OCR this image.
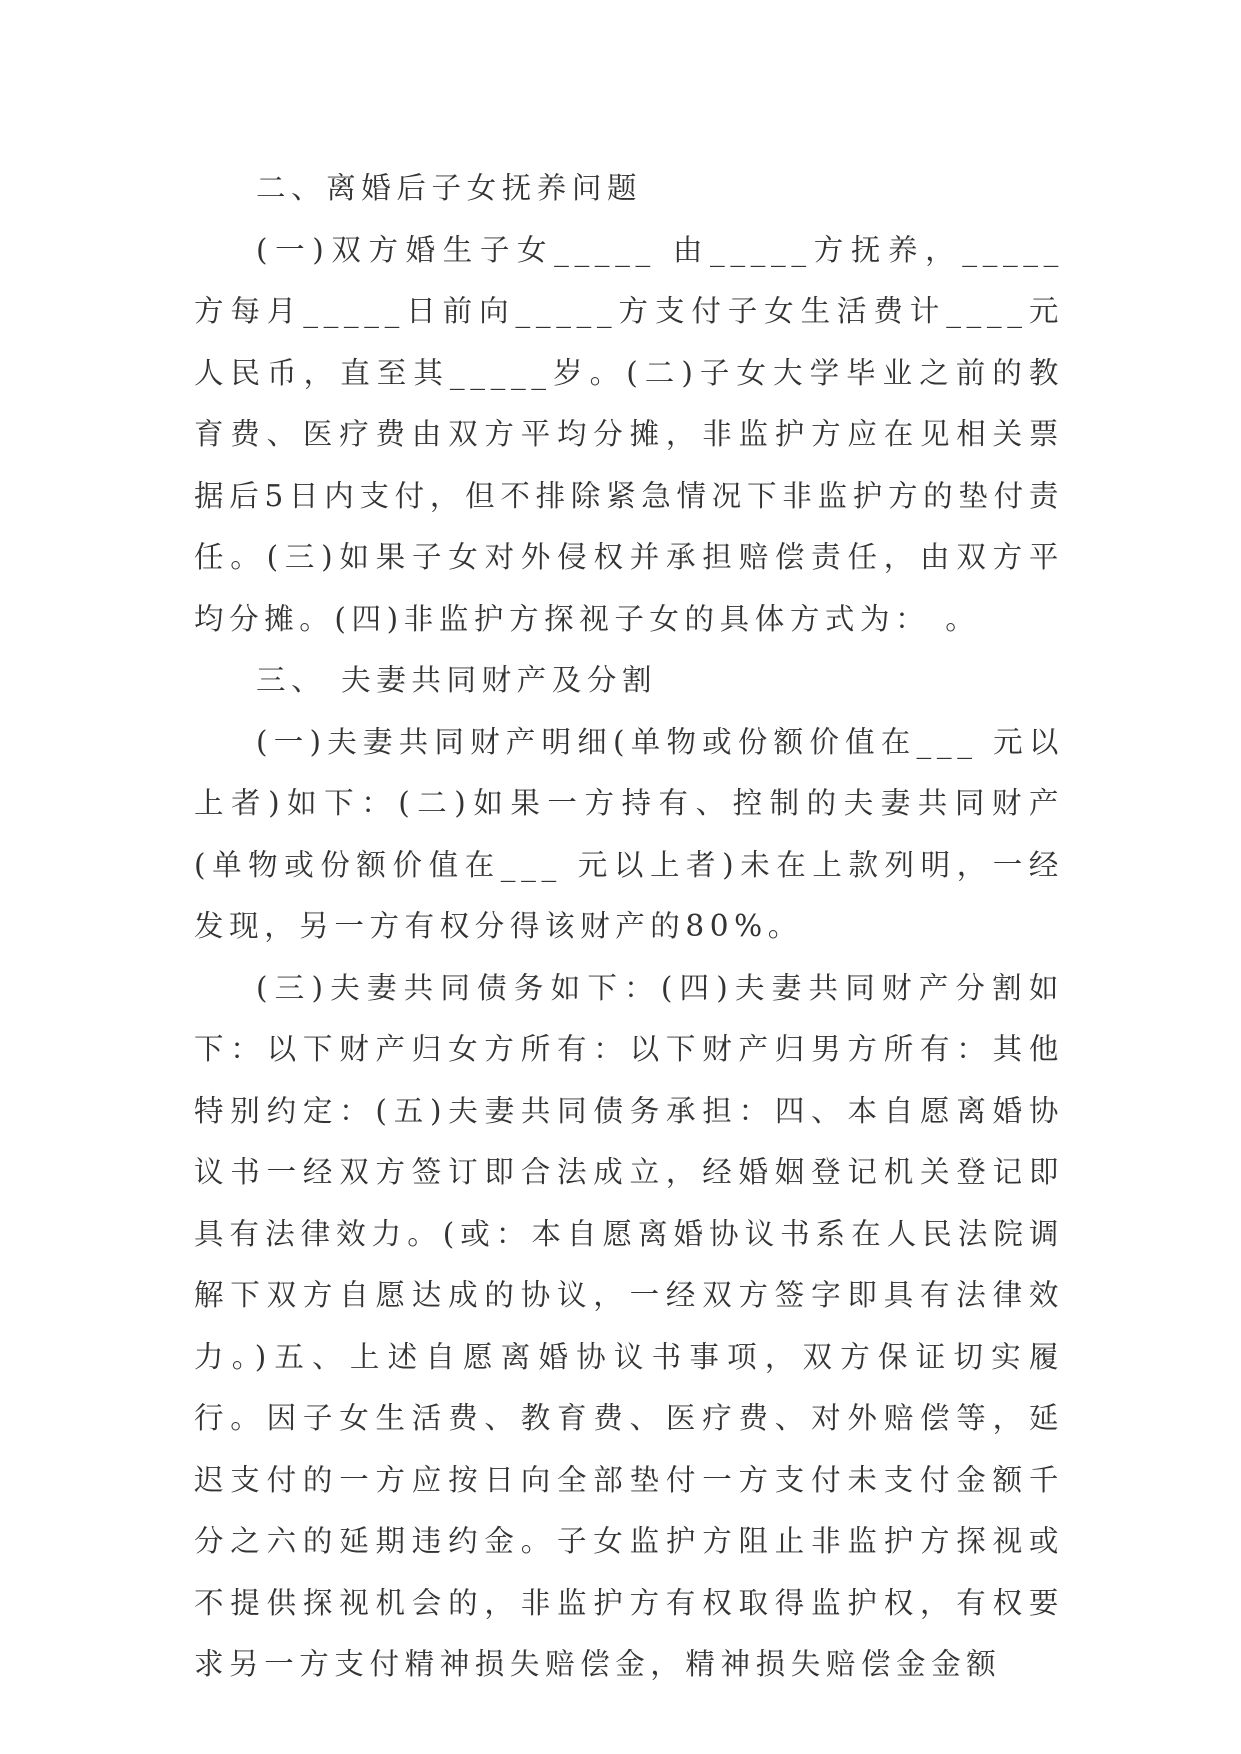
二、离婚后子女抚养问题

(一)双方婚生子女_____ 由_____方抚养，_____方每月_____日前向_____方支付子女生活费计____元人民币，直至其_____岁。(二)子女大学毕业之前的教育费、医疗费由双方平均分摊，非监护方应在见相关票据后5日内支付，但不排除紧急情况下非监护方的垫付责任。(三)如果子女对外侵权并承担赔偿责任，由双方平均分摊。(四)非监护方探视子女的具体方式为： 。

三、 夫妻共同财产及分割

(一)夫妻共同财产明细(单物或份额价值在___ 元以上者)如下：(二)如果一方持有、控制的夫妻共同财产(单物或份额价值在___ 元以上者)未在上款列明，一经发现，另一方有权分得该财产的80%。

(三)夫妻共同债务如下：(四)夫妻共同财产分割如下：以下财产归女方所有：以下财产归男方所有：其他特别约定：(五)夫妻共同债务承担：四、本自愿离婚协议书一经双方签订即合法成立，经婚姻登记机关登记即具有法律效力。(或：本自愿离婚协议书系在人民法院调解下双方自愿达成的协议，一经双方签字即具有法律效力。)五、上述自愿离婚协议书事项，双方保证切实履行。因子女生活费、教育费、医疗费、对外赔偿等，延迟支付的一方应按日向全部垫付一方支付未支付金额千分之六的延期违约金。子女监护方阻止非监护方探视或不提供探视机会的，非监护方有权取得监护权，有权要求另一方支付精神损失赔偿金，精神损失赔偿金金额
